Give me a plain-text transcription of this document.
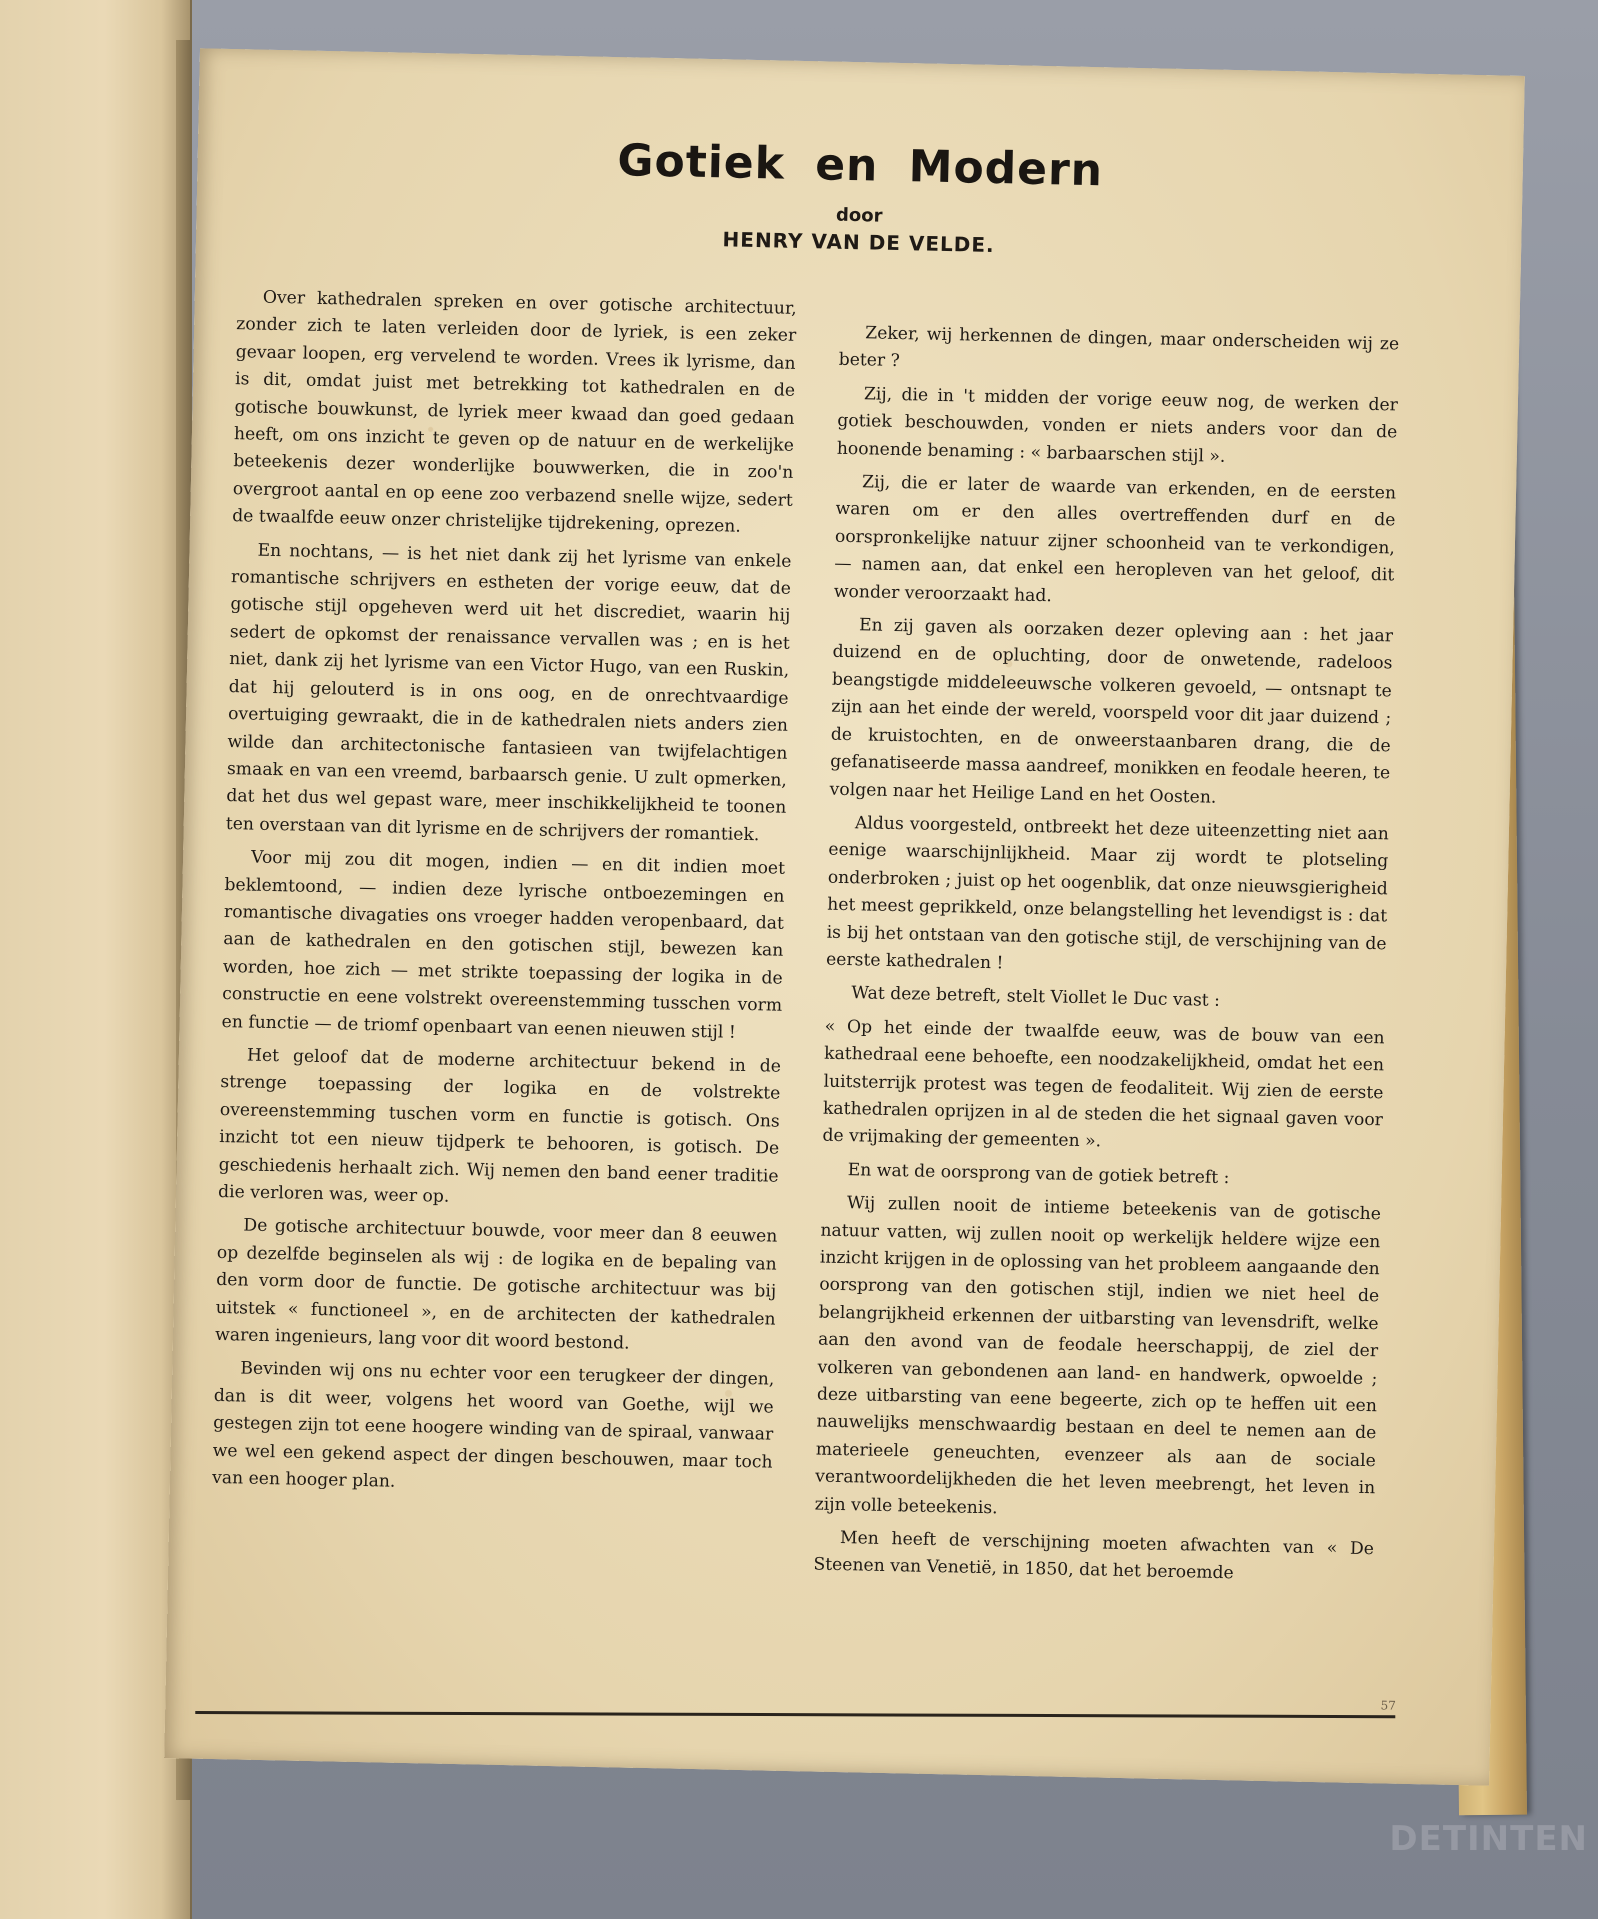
Gotiek en Modern
door
HENRY VAN DE VELDE.

Over kathedralen spreken en over gotische architectuur, zonder zich te laten verleiden door de lyriek, is een zeker gevaar loopen, erg vervelend te worden. Vrees ik lyrisme, dan is dit, omdat juist met betrekking tot kathedralen en de gotische bouwkunst, de lyriek meer kwaad dan goed gedaan heeft, om ons inzicht te geven op de natuur en de werkelijke beteekenis dezer wonderlijke bouwwerken, die in zoo'n overgroot aantal en op eene zoo verbazend snelle wijze, sedert de twaalfde eeuw onzer christelijke tijdrekening, oprezen.

En nochtans, — is het niet dank zij het lyrisme van enkele romantische schrijvers en estheten der vorige eeuw, dat de gotische stijl opgeheven werd uit het discrediet, waarin hij sedert de opkomst der renaissance vervallen was ; en is het niet, dank zij het lyrisme van een Victor Hugo, van een Ruskin, dat hij gelouterd is in ons oog, en de onrechtvaardige overtuiging gewraakt, die in de kathedralen niets anders zien wilde dan architectonische fantasieen van twijfelachtigen smaak en van een vreemd, barbaarsch genie. U zult opmerken, dat het dus wel gepast ware, meer inschikkelijkheid te toonen ten overstaan van dit lyrisme en de schrijvers der romantiek.

Voor mij zou dit mogen, indien — en dit indien moet beklemtoond, — indien deze lyrische ontboezemingen en romantische divagaties ons vroeger hadden veropenbaard, dat aan de kathedralen en den gotischen stijl, bewezen kan worden, hoe zich — met strikte toepassing der logika in de constructie en eene volstrekt overeenstemming tusschen vorm en functie — de triomf openbaart van eenen nieuwen stijl !

Het geloof dat de moderne architectuur bekend in de strenge toepassing der logika en de volstrekte overeenstemming tuschen vorm en functie is gotisch. Ons inzicht tot een nieuw tijdperk te behooren, is gotisch. De geschiedenis herhaalt zich. Wij nemen den band eener traditie die verloren was, weer op.

De gotische architectuur bouwde, voor meer dan 8 eeuwen op dezelfde beginselen als wij : de logika en de bepaling van den vorm door de functie. De gotische architectuur was bij uitstek « functioneel », en de architecten der kathedralen waren ingenieurs, lang voor dit woord bestond.

Bevinden wij ons nu echter voor een terugkeer der dingen, dan is dit weer, volgens het woord van Goethe, wijl we gestegen zijn tot eene hoogere winding van de spiraal, vanwaar we wel een gekend aspect der dingen beschouwen, maar toch van een hooger plan.

Zeker, wij herkennen de dingen, maar onderscheiden wij ze beter ?

Zij, die in 't midden der vorige eeuw nog, de werken der gotiek beschouwden, vonden er niets anders voor dan de hoonende benaming : « barbaarschen stijl ».

Zij, die er later de waarde van erkenden, en de eersten waren om er den alles overtreffenden durf en de oorspronkelijke natuur zijner schoonheid van te verkondigen, — namen aan, dat enkel een heropleven van het geloof, dit wonder veroorzaakt had.

En zij gaven als oorzaken dezer opleving aan : het jaar duizend en de opluchting, door de onwetende, radeloos beangstigde middeleeuwsche volkeren gevoeld, — ontsnapt te zijn aan het einde der wereld, voorspeld voor dit jaar duizend ; de kruistochten, en de onweerstaanbaren drang, die de gefanatiseerde massa aandreef, monikken en feodale heeren, te volgen naar het Heilige Land en het Oosten.

Aldus voorgesteld, ontbreekt het deze uiteenzetting niet aan eenige waarschijnlijkheid. Maar zij wordt te plotseling onderbroken ; juist op het oogenblik, dat onze nieuwsgierigheid het meest geprikkeld, onze belangstelling het levendigst is : dat is bij het ontstaan van den gotische stijl, de verschijning van de eerste kathedralen !

Wat deze betreft, stelt Viollet le Duc vast :

« Op het einde der twaalfde eeuw, was de bouw van een kathedraal eene behoefte, een noodzakelijkheid, omdat het een luitsterrijk protest was tegen de feodaliteit. Wij zien de eerste kathedralen oprijzen in al de steden die het signaal gaven voor de vrijmaking der gemeenten ».

En wat de oorsprong van de gotiek betreft :

Wij zullen nooit de intieme beteekenis van de gotische natuur vatten, wij zullen nooit op werkelijk heldere wijze een inzicht krijgen in de oplossing van het probleem aangaande den oorsprong van den gotischen stijl, indien we niet heel de belangrijkheid erkennen der uitbarsting van levensdrift, welke aan den avond van de feodale heerschappij, de ziel der volkeren van gebondenen aan land- en handwerk, opwoelde ; deze uitbarsting van eene begeerte, zich op te heffen uit een nauwelijks menschwaardig bestaan en deel te nemen aan de materieele geneuchten, evenzeer als aan de sociale verantwoordelijkheden die het leven meebrengt, het leven in zijn volle beteekenis.

Men heeft de verschijning moeten afwachten van « De Steenen van Venetië, in 1850, dat het beroemde

57
DETINTEN
